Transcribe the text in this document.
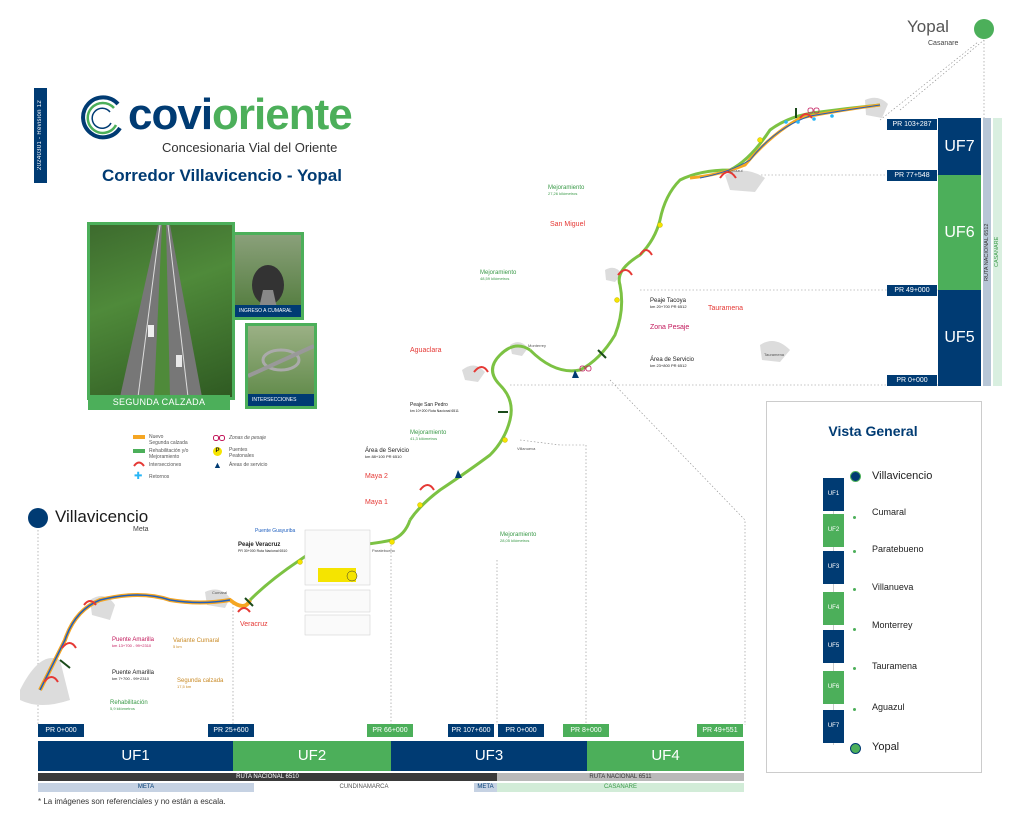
20240301 - Revisión 12 covioriente
Concesionaria Vial del Oriente
Corredor Villavicencio - Yopal
SEGUNDA CALZADA
INGRESO A CUMARAL
INTERSECCIONES
Nuevo
Segunda calzada
Rehabilitación y/o
Mejoramiento
Intersecciones
✚	Retornos
Zonas de pesaje
P	Puentes
Peatonales
▲ Áreas de servicio
Villavicencio
Meta
Yopal
Casanare
Rehabilitación
5,9 kilómetros
Puente Amarilla
km 13+700 - 99+2310
Puente Amarilla
km 7+700 - 99+2310
Variante Cumaral
5 km
Segunda calzada
17,5 km
Peaje Veracruz
PR 30+000 Ruta Nacional 6510
Veracruz
Puente Guayuriba
Mejoramiento
28,05 kilómetros
Maya 1
Maya 2
Área de Servicio
km 88+100 PR 6510
Mejoramiento
41,3 kilómetros
Peaje San Pedro
km 10+200 Ruta Nacional 6511
Aguaclara
Mejoramiento
48,59 kilómetros
San Miguel
Mejoramiento
27,26 kilómetros
Peaje Tacoya
km 20+700 PR 6512	Tauramena
Zona Pesaje
Área de Servicio
km 23+800 PR 6512
Monterrey
Villanueva
Paratebueno
Cumaral
Aguazul
Tauramena
UF7
UF6
UF5
PR 103+287
PR 77+548
PR 49+000
PR 0+000
RUTA NACIONAL 6512 CASANARE
Vista General
UF1
UF2
UF3
UF4
UF5
UF6
UF7
Villavicencio
Cumaral
Paratebueno
Villanueva
Monterrey
Tauramena
Aguazul
Yopal
PR 0+000	PR 25+600	PR 66+000	PR 107+600	PR 0+000	PR 8+000	PR 49+551
UF1	UF2	UF3	UF4
RUTA NACIONAL 6510	RUTA NACIONAL 6511
META	CUNDINAMARCA	META	CASANARE
* La imágenes son referenciales y no están a escala.
